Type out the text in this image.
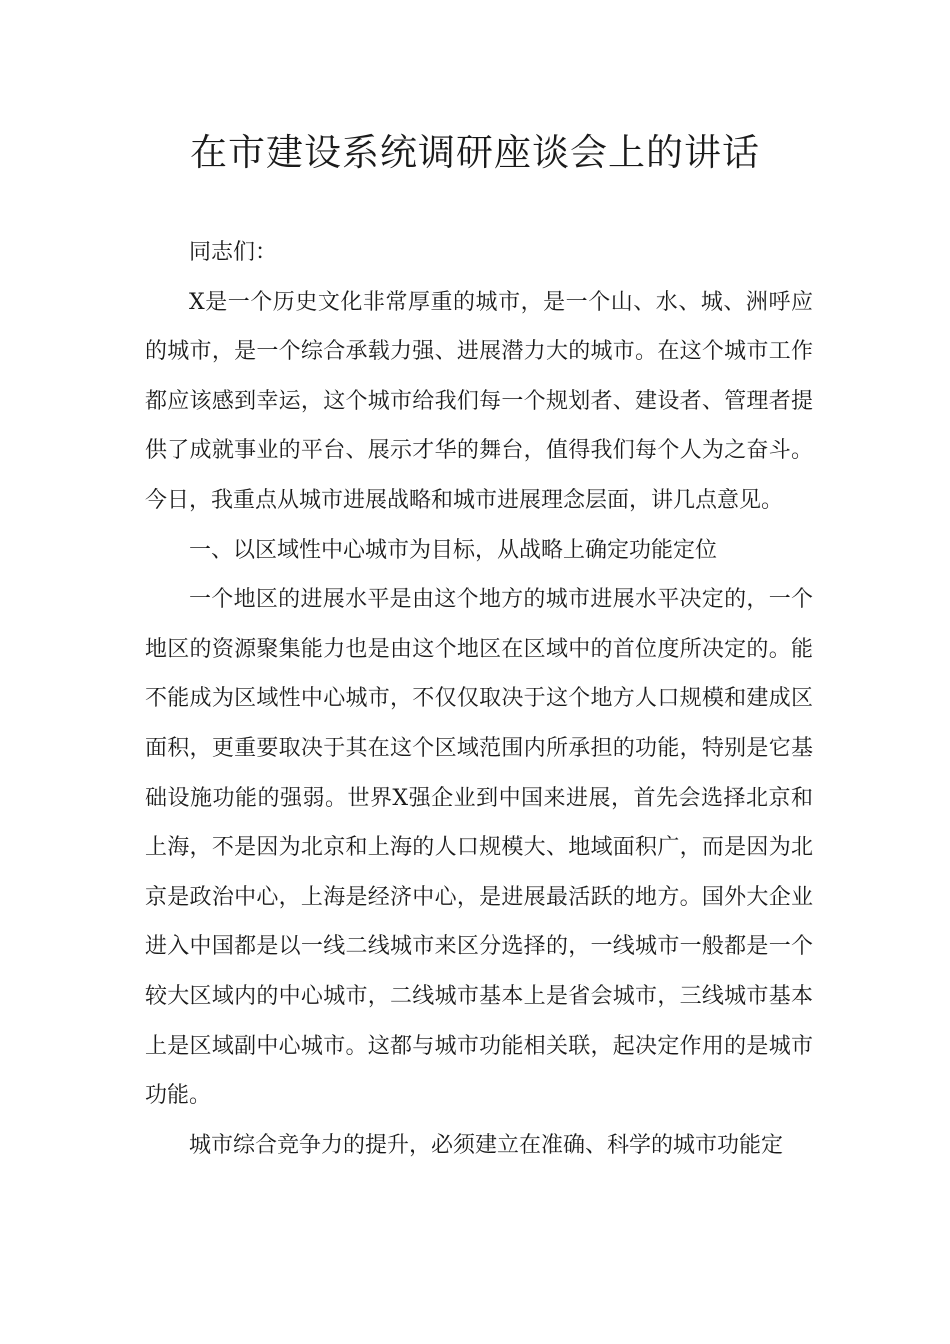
在市建设系统调研座谈会上的讲话

同志们：

X是一个历史文化非常厚重的城市，是一个山、水、城、洲呼应的城市，是一个综合承载力强、进展潜力大的城市。在这个城市工作都应该感到幸运，这个城市给我们每一个规划者、建设者、管理者提供了成就事业的平台、展示才华的舞台，值得我们每个人为之奋斗。今日，我重点从城市进展战略和城市进展理念层面，讲几点意见。

一、以区域性中心城市为目标，从战略上确定功能定位

一个地区的进展水平是由这个地方的城市进展水平决定的，一个地区的资源聚集能力也是由这个地区在区域中的首位度所决定的。能不能成为区域性中心城市，不仅仅取决于这个地方人口规模和建成区面积，更重要取决于其在这个区域范围内所承担的功能，特别是它基础设施功能的强弱。世界X强企业到中国来进展，首先会选择北京和上海，不是因为北京和上海的人口规模大、地域面积广，而是因为北京是政治中心，上海是经济中心，是进展最活跃的地方。国外大企业进入中国都是以一线二线城市来区分选择的，一线城市一般都是一个较大区域内的中心城市，二线城市基本上是省会城市，三线城市基本上是区域副中心城市。这都与城市功能相关联，起决定作用的是城市功能。

城市综合竞争力的提升，必须建立在准确、科学的城市功能定
